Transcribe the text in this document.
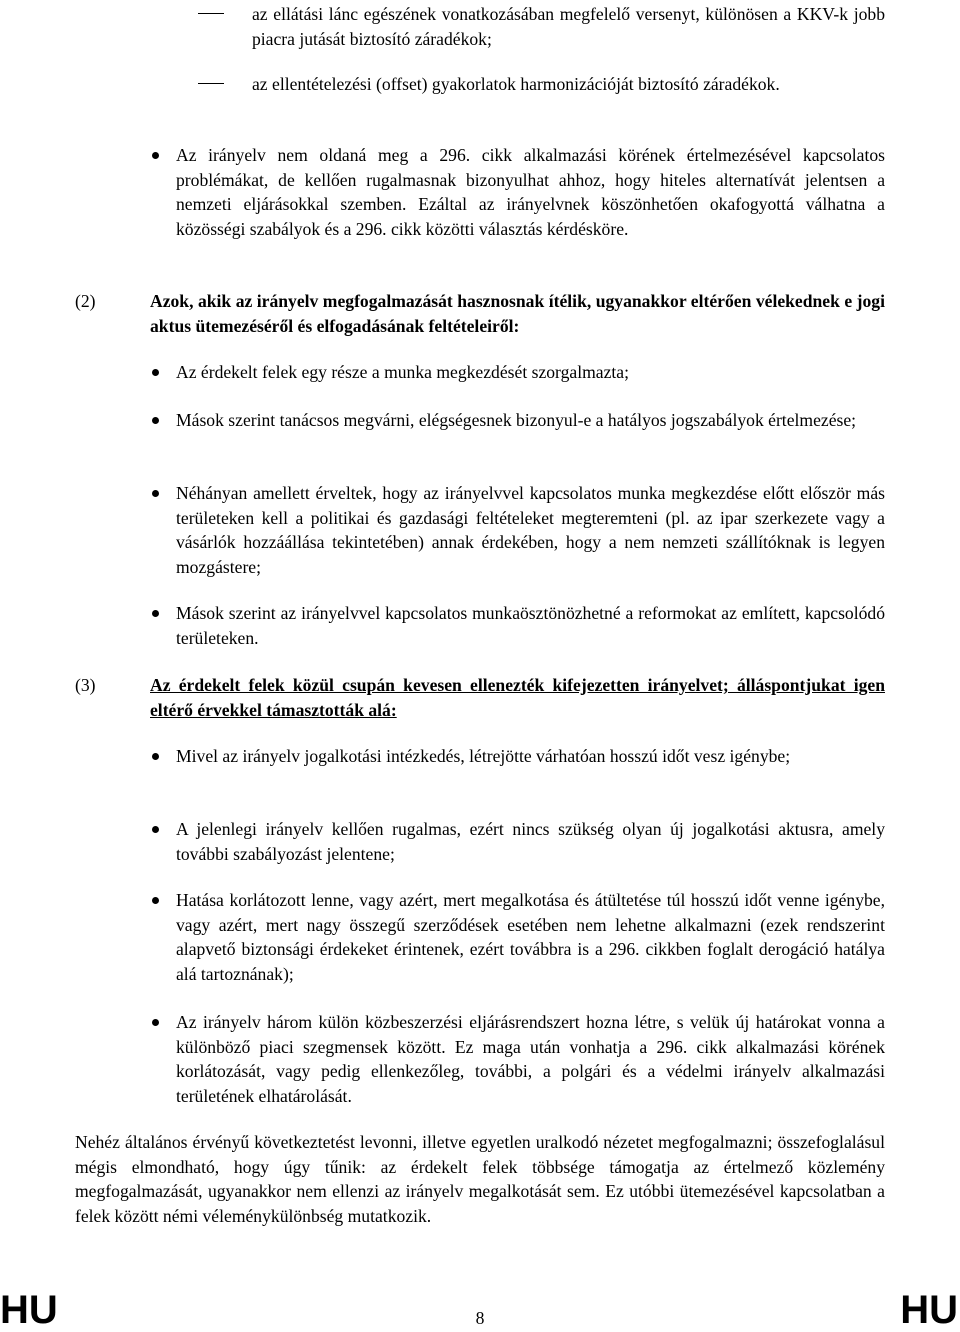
az ellátási lánc egészének vonatkozásában megfelelő versenyt, különösen a KKV-k jobb piacra jutását biztosító záradékok;
az ellentételezési (offset) gyakorlatok harmonizációját biztosító záradékok.
Az irányelv nem oldaná meg a 296. cikk alkalmazási körének értelmezésével kapcsolatos problémákat, de kellően rugalmasnak bizonyulhat ahhoz, hogy hiteles alternatívát jelentsen a nemzeti eljárásokkal szemben. Ezáltal az irányelvnek köszönhetően okafogyottá válhatna a közösségi szabályok és a 296. cikk közötti választás kérdésköre.
(2)	Azok, akik az irányelv megfogalmazását hasznosnak ítélik, ugyanakkor eltérően vélekednek e jogi aktus ütemezéséről és elfogadásának feltételeiről:
Az érdekelt felek egy része a munka megkezdését szorgalmazta;
Mások szerint tanácsos megvárni, elégségesnek bizonyul-e a hatályos jogszabályok értelmezése;
Néhányan amellett érveltek, hogy az irányelvvel kapcsolatos munka megkezdése előtt először más területeken kell a politikai és gazdasági feltételeket megteremteni (pl. az ipar szerkezete vagy a vásárlók hozzáállása tekintetében) annak érdekében, hogy a nem nemzeti szállítóknak is legyen mozgástere;
Mások szerint az irányelvvel kapcsolatos munkaösztönözhetné a reformokat az említett, kapcsolódó területeken.
(3)	Az érdekelt felek közül csupán kevesen ellenezték kifejezetten irányelvet; álláspontjukat igen eltérő érvekkel támasztották alá:
Mivel az irányelv jogalkotási intézkedés, létrejötte várhatóan hosszú időt vesz igénybe;
A jelenlegi irányelv kellően rugalmas, ezért nincs szükség olyan új jogalkotási aktusra, amely további szabályozást jelentene;
Hatása korlátozott lenne, vagy azért, mert megalkotása és átültetése túl hosszú időt venne igénybe, vagy azért, mert nagy összegű szerződések esetében nem lehetne alkalmazni (ezek rendszerint alapvető biztonsági érdekeket érintenek, ezért továbbra is a 296. cikkben foglalt derogáció hatálya alá tartoznának);
Az irányelv három külön közbeszerzési eljárásrendszert hozna létre, s velük új határokat vonna a különböző piaci szegmensek között. Ez maga után vonhatja a 296. cikk alkalmazási körének korlátozását, vagy pedig ellenkezőleg, további, a polgári és a védelmi irányelv alkalmazási területének elhatárolását.
Nehéz általános érvényű következtetést levonni, illetve egyetlen uralkodó nézetet megfogalmazni; összefoglalásul mégis elmondható, hogy úgy tűnik: az érdekelt felek többsége támogatja az értelmező közlemény megfogalmazását, ugyanakkor nem ellenzi az irányelv megalkotását sem. Ez utóbbi ütemezésével kapcsolatban a felek között némi véleménykülönbség mutatkozik.
HU	8	HU
